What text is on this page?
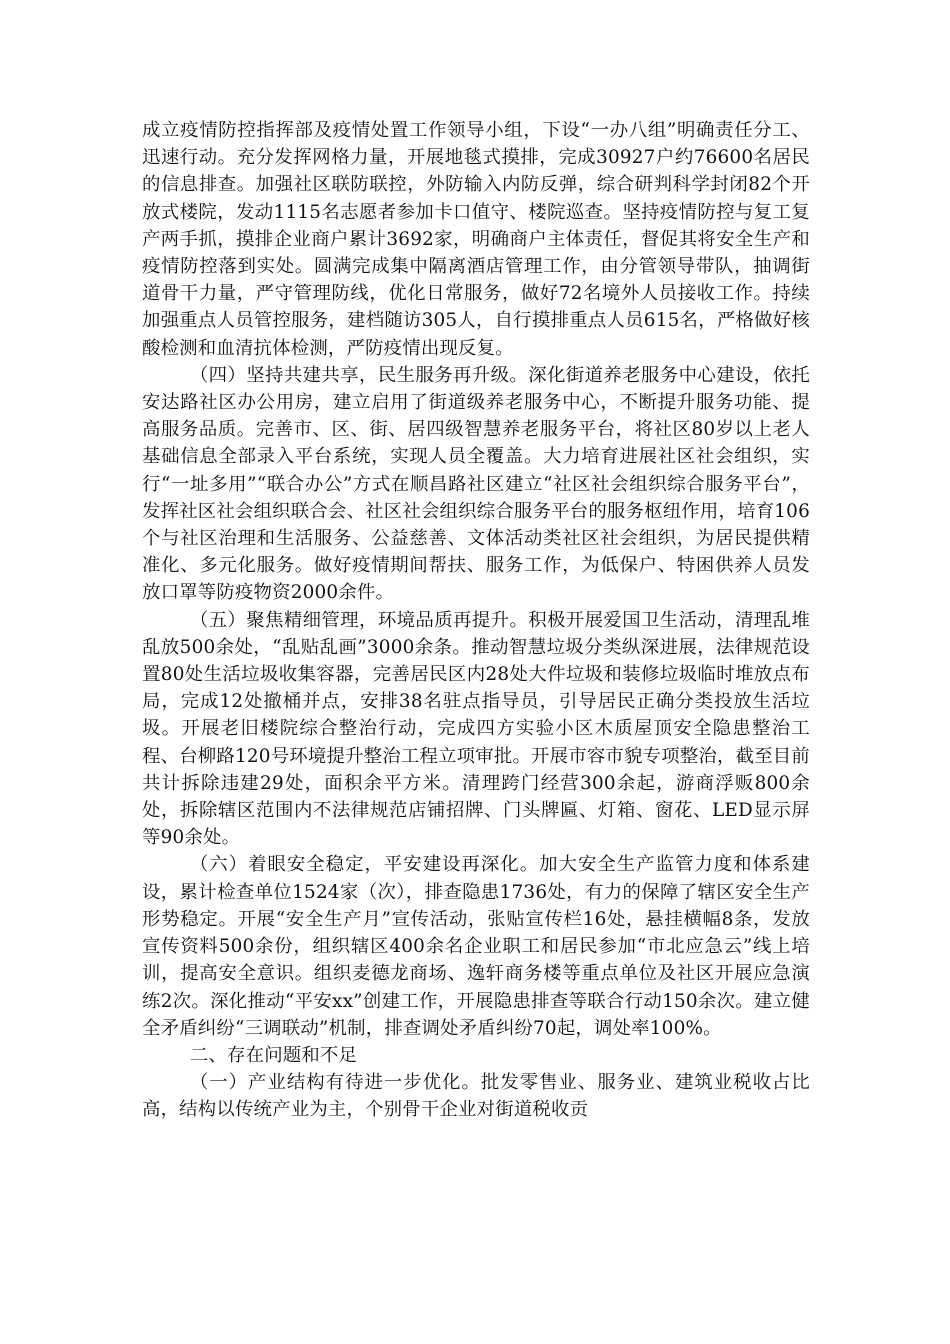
成立疫情防控指挥部及疫情处置工作领导小组，下设“一办八组”明确责任分工、迅速行动。充分发挥网格力量，开展地毯式摸排，完成30927户约76600名居民的信息排查。加强社区联防联控，外防输入内防反弹，综合研判科学封闭82个开放式楼院，发动1115名志愿者参加卡口值守、楼院巡查。坚持疫情防控与复工复产两手抓，摸排企业商户累计3692家，明确商户主体责任，督促其将安全生产和疫情防控落到实处。圆满完成集中隔离酒店管理工作，由分管领导带队，抽调街道骨干力量，严守管理防线，优化日常服务，做好72名境外人员接收工作。持续加强重点人员管控服务，建档随访305人，自行摸排重点人员615名，严格做好核酸检测和血清抗体检测，严防疫情出现反复。

（四）坚持共建共享，民生服务再升级。深化街道养老服务中心建设，依托安达路社区办公用房，建立启用了街道级养老服务中心，不断提升服务功能、提高服务品质。完善市、区、街、居四级智慧养老服务平台，将社区80岁以上老人基础信息全部录入平台系统，实现人员全覆盖。大力培育进展社区社会组织，实行“一址多用”“联合办公”方式在顺昌路社区建立“社区社会组织综合服务平台”，发挥社区社会组织联合会、社区社会组织综合服务平台的服务枢纽作用，培育106个与社区治理和生活服务、公益慈善、文体活动类社区社会组织，为居民提供精准化、多元化服务。做好疫情期间帮扶、服务工作，为低保户、特困供养人员发放口罩等防疫物资2000余件。

（五）聚焦精细管理，环境品质再提升。积极开展爱国卫生活动，清理乱堆乱放500余处，“乱贴乱画”3000余条。推动智慧垃圾分类纵深进展，法律规范设置80处生活垃圾收集容器，完善居民区内28处大件垃圾和装修垃圾临时堆放点布局，完成12处撤桶并点，安排38名驻点指导员，引导居民正确分类投放生活垃圾。开展老旧楼院综合整治行动，完成四方实验小区木质屋顶安全隐患整治工程、台柳路120号环境提升整治工程立项审批。开展市容市貌专项整治，截至目前共计拆除违建29处，面积余平方米。清理跨门经营300余起，游商浮贩800余处，拆除辖区范围内不法律规范店铺招牌、门头牌匾、灯箱、窗花、LED显示屏等90余处。

（六）着眼安全稳定，平安建设再深化。加大安全生产监管力度和体系建设，累计检查单位1524家（次），排查隐患1736处，有力的保障了辖区安全生产形势稳定。开展“安全生产月”宣传活动，张贴宣传栏16处，悬挂横幅8条，发放宣传资料500余份，组织辖区400余名企业职工和居民参加“市北应急云”线上培训，提高安全意识。组织麦德龙商场、逸轩商务楼等重点单位及社区开展应急演练2次。深化推动“平安xx”创建工作，开展隐患排查等联合行动150余次。建立健全矛盾纠纷“三调联动”机制，排查调处矛盾纠纷70起，调处率100%。

二、存在问题和不足

（一）产业结构有待进一步优化。批发零售业、服务业、建筑业税收占比高，结构以传统产业为主，个别骨干企业对街道税收贡
